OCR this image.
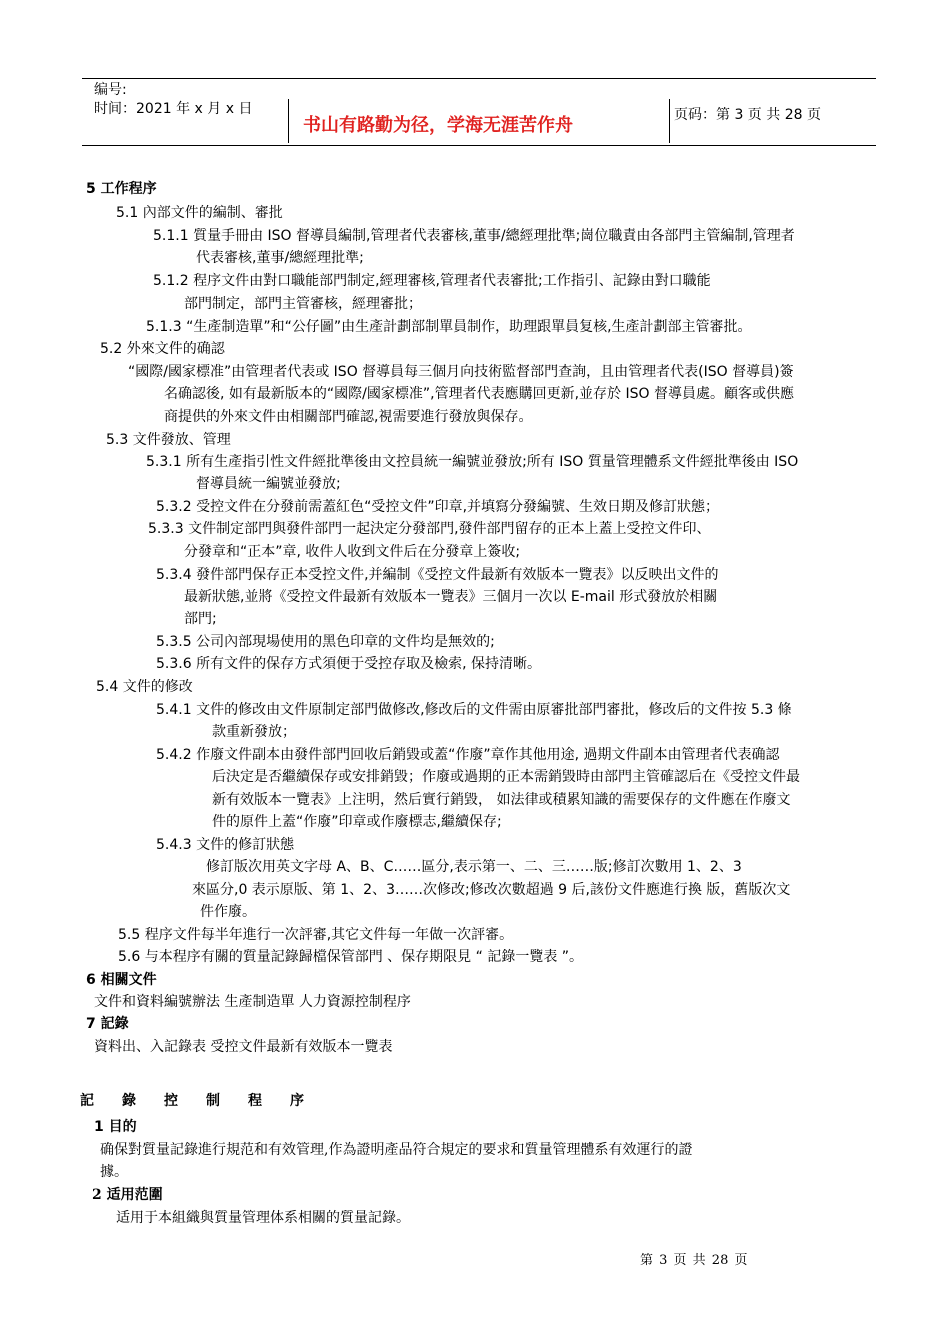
编号:
时间：2021 年 x 月 x 日
书山有路勤为径，学海无涯苦作舟	页码：第 3 页 共 28 页
5 工作程序
5.1 內部文件的編制、審批
5.1.1 質量手冊由 ISO 督導員編制,管理者代表審核,董事/總經理批準;崗位職責由各部門主管編制,管理者
代表審核,董事/總經理批準;
5.1.2 程序文件由對口職能部門制定,經理審核,管理者代表審批;工作指引、記錄由對口職能
部門制定，部門主管審核，經理審批；
5.1.3 “生產制造單”和“公仔圖”由生產計劃部制單員制作，助理跟單員复核,生產計劃部主管審批。
5.2 外來文件的确認
“國際/國家標准”由管理者代表或 ISO 督導員每三個月向技術監督部門查詢，且由管理者代表(ISO 督導員)簽
名确認後, 如有最新版本的“國際/國家標准”,管理者代表應購回更新,並存於 ISO 督導員處。顧客或供應
商提供的外來文件由相關部門確認,視需要進行發放與保存。
5.3 文件發放、管理
5.3.1 所有生產指引性文件經批準後由文控員統一編號並發放;所有 ISO 質量管理體系文件經批準後由 ISO
督導員統一編號並發放;
5.3.2 受控文件在分發前需蓋紅色“受控文件”印章,并填寫分發編號、生效日期及修訂狀態；
5.3.3 文件制定部門與發件部門一起決定分發部門,發件部門留存的正本上蓋上受控文件印、
分發章和“正本”章, 收件人收到文件后在分發章上簽收;
5.3.4 發件部門保存正本受控文件,并編制《受控文件最新有效版本一覽表》以反映出文件的
最新狀態,並將《受控文件最新有效版本一覽表》三個月一次以 E-mail 形式發放於相關
部門;
5.3.5 公司內部現場使用的黑色印章的文件均是無效的;
5.3.6 所有文件的保存方式須便于受控存取及檢索, 保持清晰。
5.4 文件的修改
5.4.1 文件的修改由文件原制定部門做修改,修改后的文件需由原審批部門審批，修改后的文件按 5.3 條
款重新發放；
5.4.2 作廢文件副本由發件部門回收后銷毀或蓋“作廢”章作其他用途, 過期文件副本由管理者代表确認
后決定是否繼續保存或安排銷毀；作廢或過期的正本需銷毀時由部門主管確認后在《受控文件最
新有效版本一覽表》上注明，然后實行銷毀， 如法律或積累知識的需要保存的文件應在作廢文
件的原件上蓋“作廢”印章或作廢標志,繼續保存;
5.4.3 文件的修訂狀態
修訂版次用英文字母 A、B、C……區分,表示第一、二、三……版;修訂次數用 1、2、3
來區分,0 表示原版、第 1、2、3……次修改;修改次數超過 9 后,該份文件應進行換 版，舊版次文
件作廢。
5.5 程序文件每半年進行一次評審,其它文件每一年做一次評審。
5.6 与本程序有關的質量記錄歸檔保管部門 、保存期限見 “ 記錄一覽表 ”。
6 相關文件
文件和資料編號辦法 生產制造單 人力資源控制程序
7 記錄
資料出、入記錄表 受控文件最新有效版本一覽表
記錄控制程序
1 目的
确保對質量記錄進行規范和有效管理,作為證明產品符合規定的要求和質量管理體系有效運行的證
據。
2 适用范圍
适用于本組織與質量管理体系相關的質量記錄。
第 3 页 共 28 页
